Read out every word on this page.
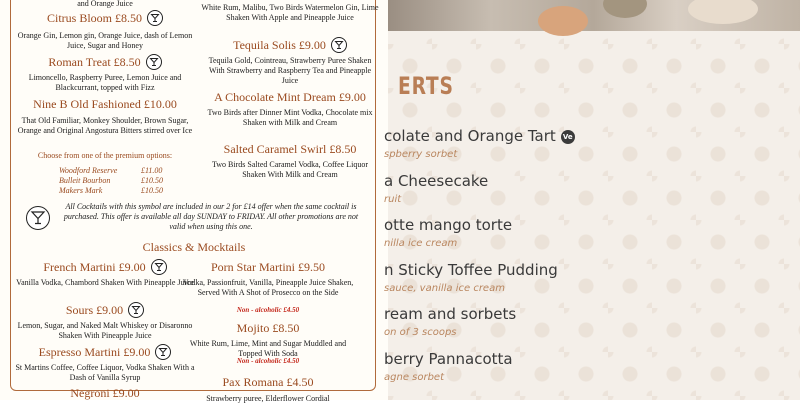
and Orange Juice
Citrus Bloom £8.50
Orange Gin, Lemon gin, Orange Juice, dash of Lemon Juice, Sugar and Honey
Roman Treat £8.50
Limoncello, Raspberry Puree, Lemon Juice and Blackcurrant, topped with Fizz
Nine B Old Fashioned £10.00
That Old Familiar, Monkey Shoulder, Brown Sugar, Orange and Original Angostura Bitters stirred over Ice
Choose from one of the premium options:
Woodford Reserve	£11.00
Bulleit Bourbon	£10.50
Makers Mark	£10.50
White Rum, Malibu, Two Birds Watermelon Gin, Lime Shaken With Apple and Pineapple Juice
Tequila Solis £9.00
Tequila Gold, Cointreau, Strawberry Puree Shaken With Strawberry and Raspberry Tea and Pineapple Juice
A Chocolate Mint Dream £9.00
Two Birds after Dinner Mint Vodka, Chocolate mix Shaken with Milk and Cream
Salted Caramel Swirl £8.50
Two Birds Salted Caramel Vodka, Coffee Liquor Shaken With Milk and Cream
All Cocktails with this symbol are included in our 2 for £14 offer when the same cocktail is purchased. This offer is available all day SUNDAY to FRIDAY. All other promotions are not valid when using this one.
Classics & Mocktails
French Martini £9.00
Vanilla Vodka, Chambord Shaken With Pineapple Juice
Sours £9.00
Lemon, Sugar, and Naked Malt Whiskey or Disaronno Shaken With Pineapple Juice
Espresso Martini £9.00
St Martins Coffee, Coffee Liquor, Vodka Shaken With a Dash of Vanilla Syrup
Negroni £9.00
Porn Star Martini £9.50
Vodka, Passionfruit, Vanilla, Pineapple Juice Shaken, Served With A Shot of Prosecco on the Side
Non - alcoholic £4.50
Mojito £8.50
White Rum, Lime, Mint and Sugar Muddled and Topped With Soda
Non - alcoholic £4.50
Pax Romana £4.50
Strawberry puree, Elderflower Cordial
ERTS
colate and Orange Tart Ve
spberry sorbet
a Cheesecake
ruit
otte mango torte
nilla ice cream
n Sticky Toffee Pudding
sauce, vanilla ice cream
ream and sorbets
on of 3 scoops
berry Pannacotta
agne sorbet
